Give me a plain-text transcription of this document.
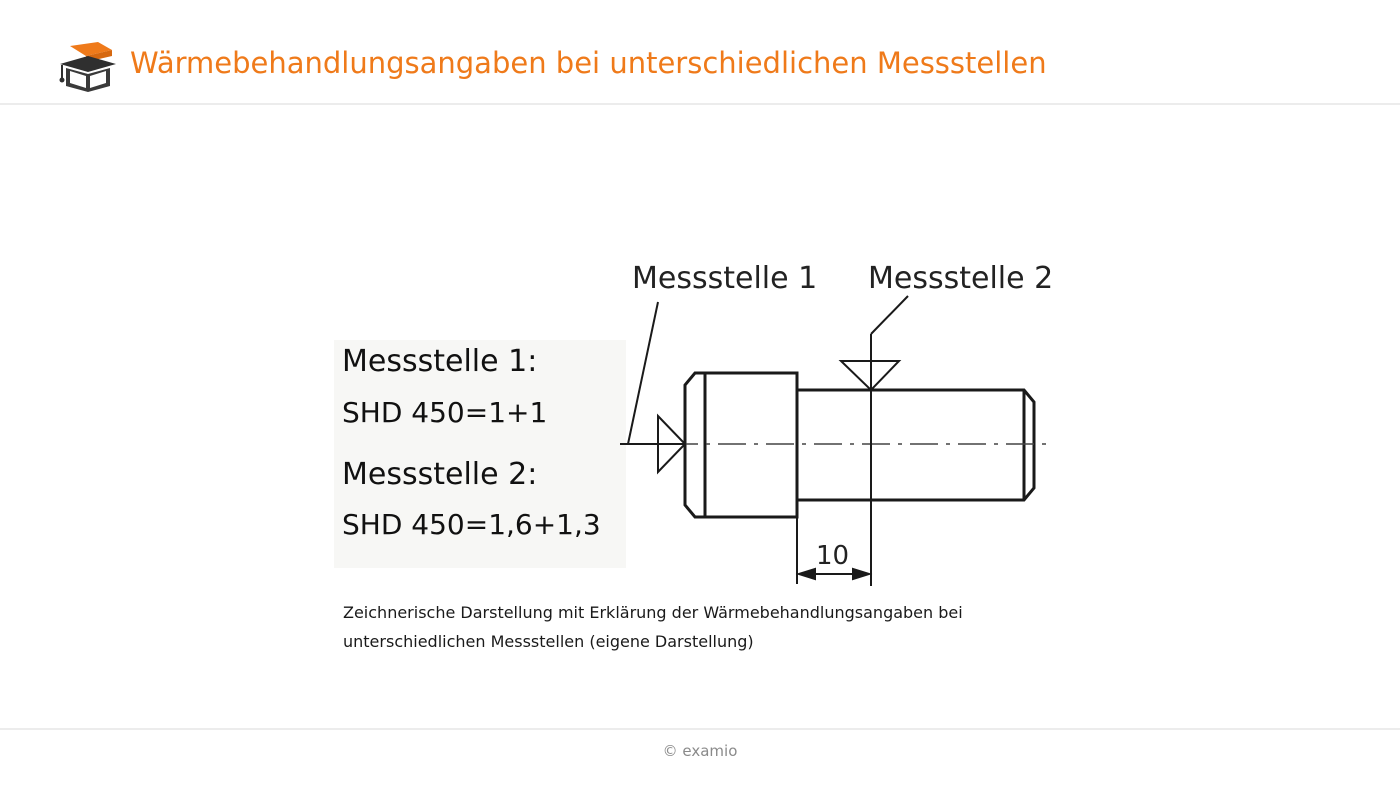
Wärmebehandlungsangaben bei unterschiedlichen Messstellen
Messstelle 1:
SHD 450=1+1
Messstelle 2:
SHD 450=1,6+1,3
Messstelle 1 Messstelle 2
10
Zeichnerische Darstellung mit Erklärung der Wärmebehandlungsangaben bei unterschiedlichen Messstellen (eigene Darstellung)
© examio
